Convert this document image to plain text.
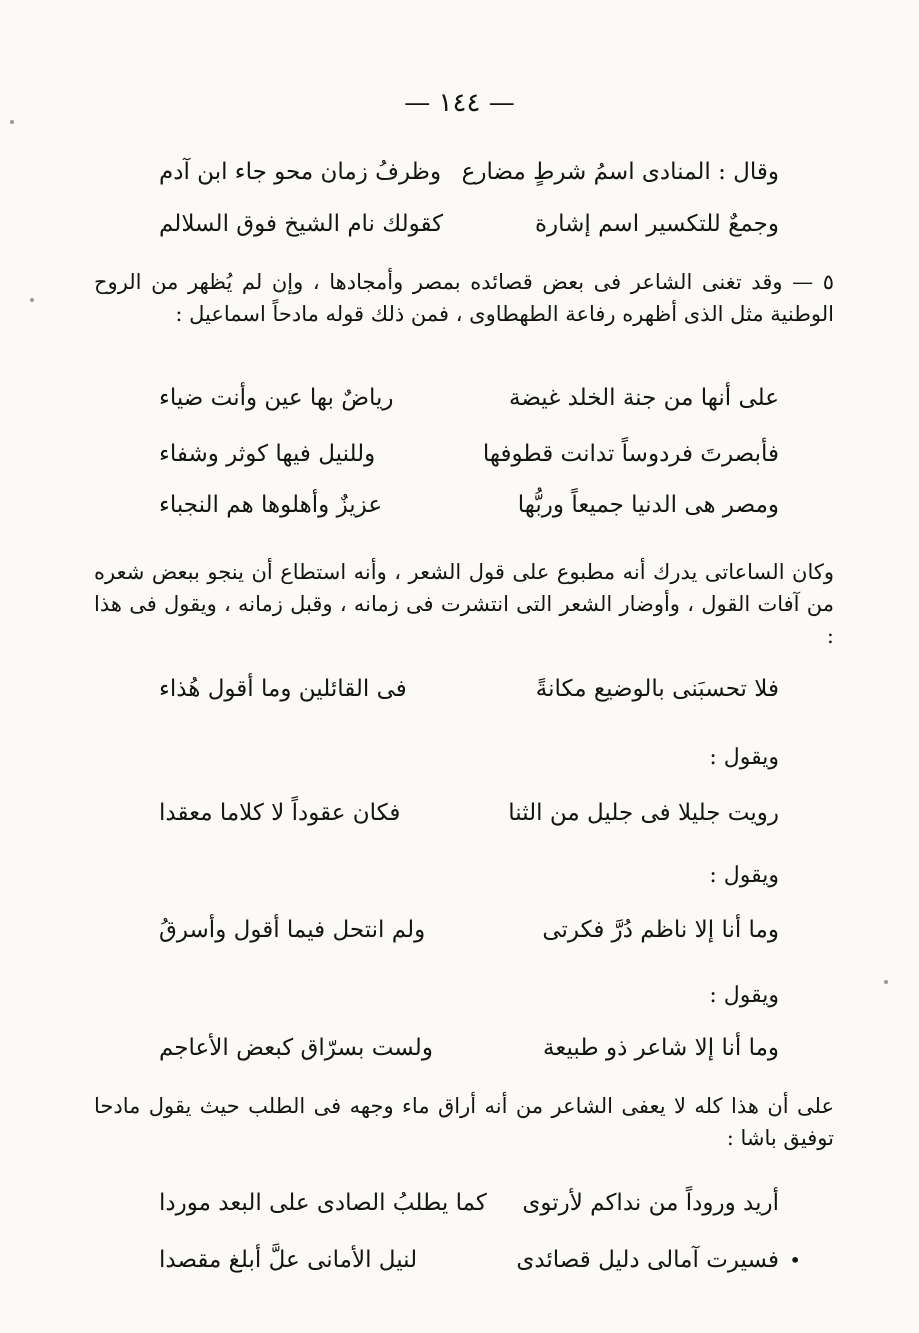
— ١٤٤ —
وقال : المنادى اسمُ شرطٍ مضارع
وظرفُ زمان محو جاء ابن آدم
وجمعٌ للتكسير اسم إشارة
كقولك نام الشيخ فوق السلالم
٥ — وقد تغنى الشاعر فى بعض قصائده بمصر وأمجادها ، وإن لم يُظهر من الروح الوطنية مثل الذى أظهره رفاعة الطهطاوى ، فمن ذلك قوله مادحاً اسماعيل :
على أنها من جنة الخلد غيضة
رياضٌ بها عين وأنت ضياء
فأبصرتَ فردوساً تدانت قطوفها
وللنيل فيها كوثر وشفاء
ومصر هى الدنيا جميعاً وربُّها
عزيزٌ وأهلوها هم النجباء
وكان الساعاتى يدرك أنه مطبوع على قول الشعر ، وأنه استطاع أن ينجو ببعض شعره من آفات القول ، وأوضار الشعر التى انتشرت فى زمانه ، وقبل زمانه ، ويقول فى هذا :
فلا تحسبَنى بالوضيع مكانةً
فى القائلين وما أقول هُذاء
ويقول :
رويت جليلا فى جليل من الثنا
فكان عقوداً لا كلاما معقدا
ويقول :
وما أنا إلا ناظم دُرَّ فكرتى
ولم انتحل فيما أقول وأسرقُ
ويقول :
وما أنا إلا شاعر ذو طبيعة
ولست بسرّاق كبعض الأعاجم
على أن هذا كله لا يعفى الشاعر من أنه أراق ماء وجهه فى الطلب حيث يقول مادحا توفيق باشا :
أريد وروداً من نداكم لأرتوى
كما يطلبُ الصادى على البعد موردا
فسيرت آمالى دليل قصائدى
لنيل الأمانى علَّ أبلغ مقصدا	•
